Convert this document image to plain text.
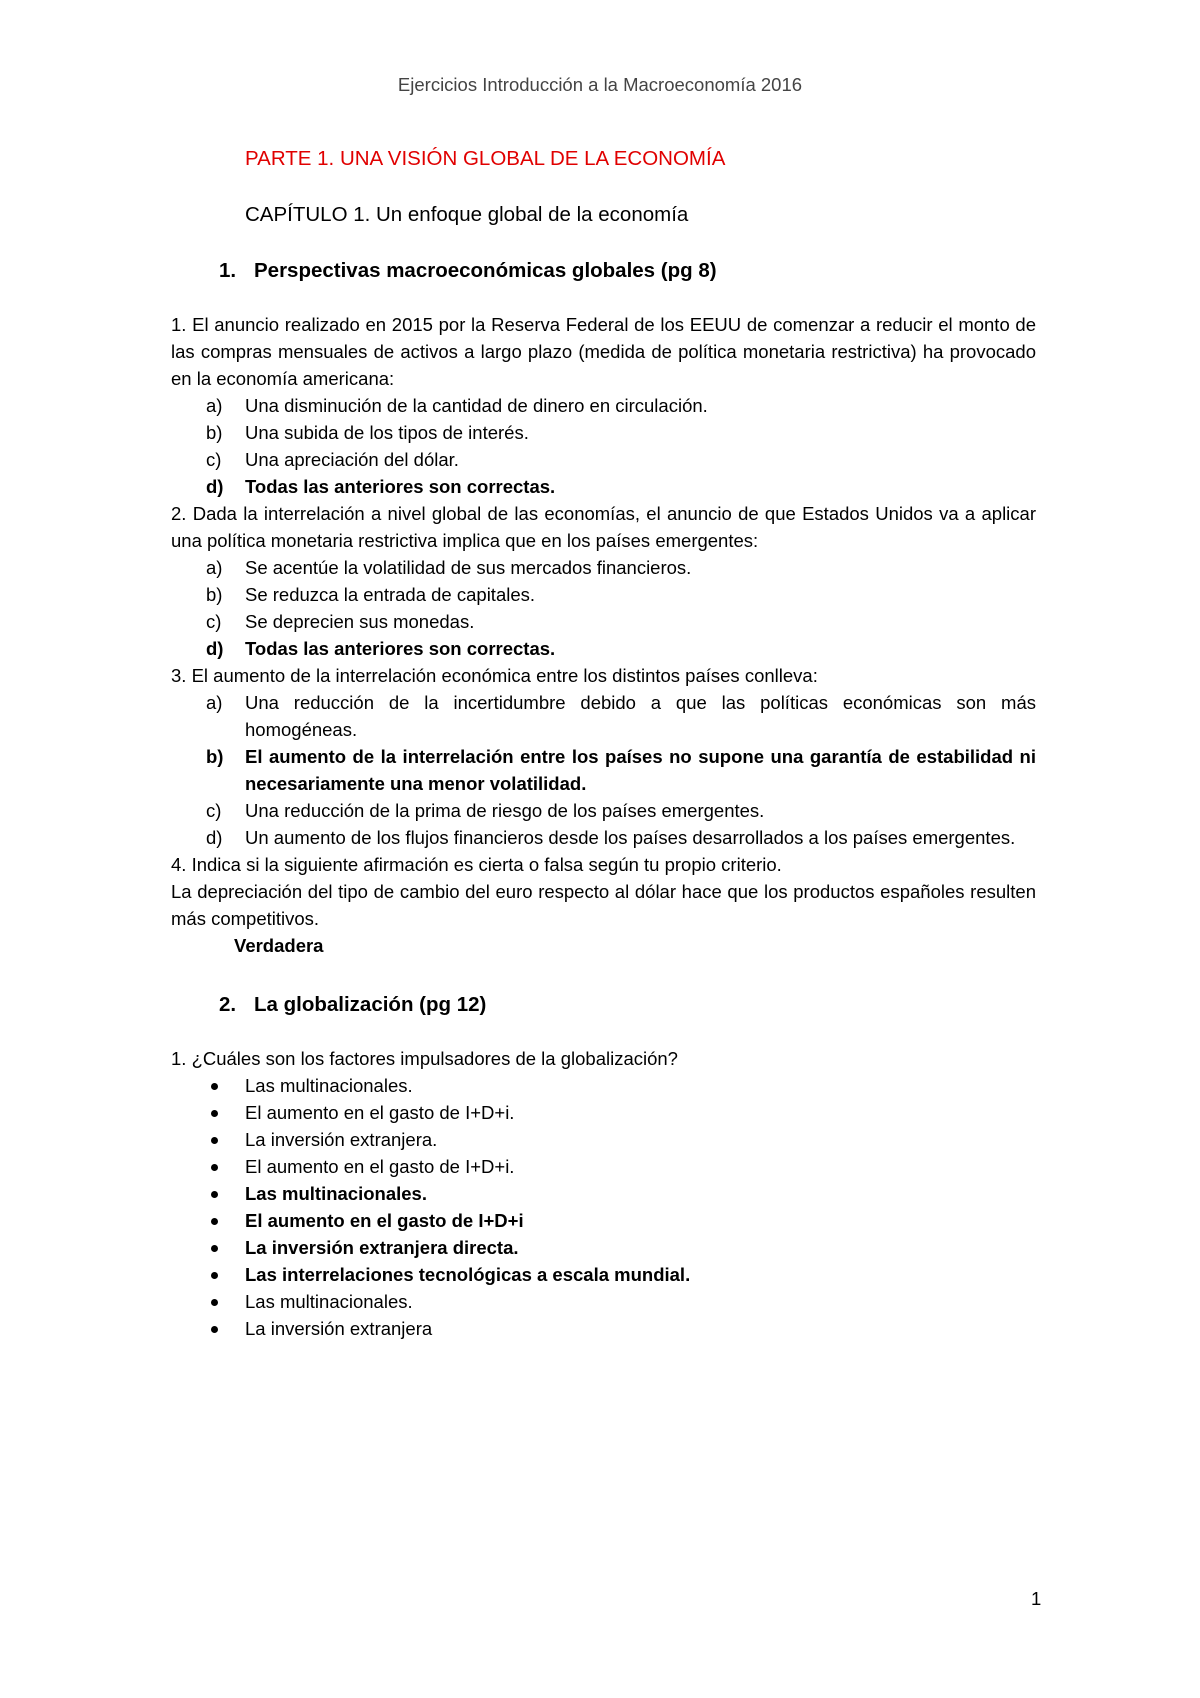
Ejercicios Introducción a la Macroeconomía 2016
PARTE 1. UNA VISIÓN GLOBAL DE LA ECONOMÍA
CAPÍTULO 1. Un enfoque global de la economía
1. Perspectivas macroeconómicas globales (pg 8)
1. El anuncio realizado en 2015 por la Reserva Federal de los EEUU de comenzar a reducir el monto de las compras mensuales de activos a largo plazo (medida de política monetaria restrictiva) ha provocado en la economía americana:
a) Una disminución de la cantidad de dinero en circulación.
b) Una subida de los tipos de interés.
c) Una apreciación del dólar.
d) Todas las anteriores son correctas.
2. Dada la interrelación a nivel global de las economías, el anuncio de que Estados Unidos va a aplicar una política monetaria restrictiva implica que en los países emergentes:
a) Se acentúe la volatilidad de sus mercados financieros.
b) Se reduzca la entrada de capitales.
c) Se deprecien sus monedas.
d) Todas las anteriores son correctas.
3. El aumento de la interrelación económica entre los distintos países conlleva:
a) Una reducción de la incertidumbre debido a que las políticas económicas son más homogéneas.
b) El aumento de la interrelación entre los países no supone una garantía de estabilidad ni necesariamente una menor volatilidad.
c) Una reducción de la prima de riesgo de los países emergentes.
d) Un aumento de los flujos financieros desde los países desarrollados a los países emergentes.
4. Indica si la siguiente afirmación es cierta o falsa según tu propio criterio.
La depreciación del tipo de cambio del euro respecto al dólar hace que los productos españoles resulten más competitivos.
Verdadera
2. La globalización (pg 12)
1. ¿Cuáles son los factores impulsadores de la globalización?
Las multinacionales.
El aumento en el gasto de I+D+i.
La inversión extranjera.
El aumento en el gasto de I+D+i.
Las multinacionales.
El aumento en el gasto de I+D+i
La inversión extranjera directa.
Las interrelaciones tecnológicas a escala mundial.
Las multinacionales.
La inversión extranjera
1
